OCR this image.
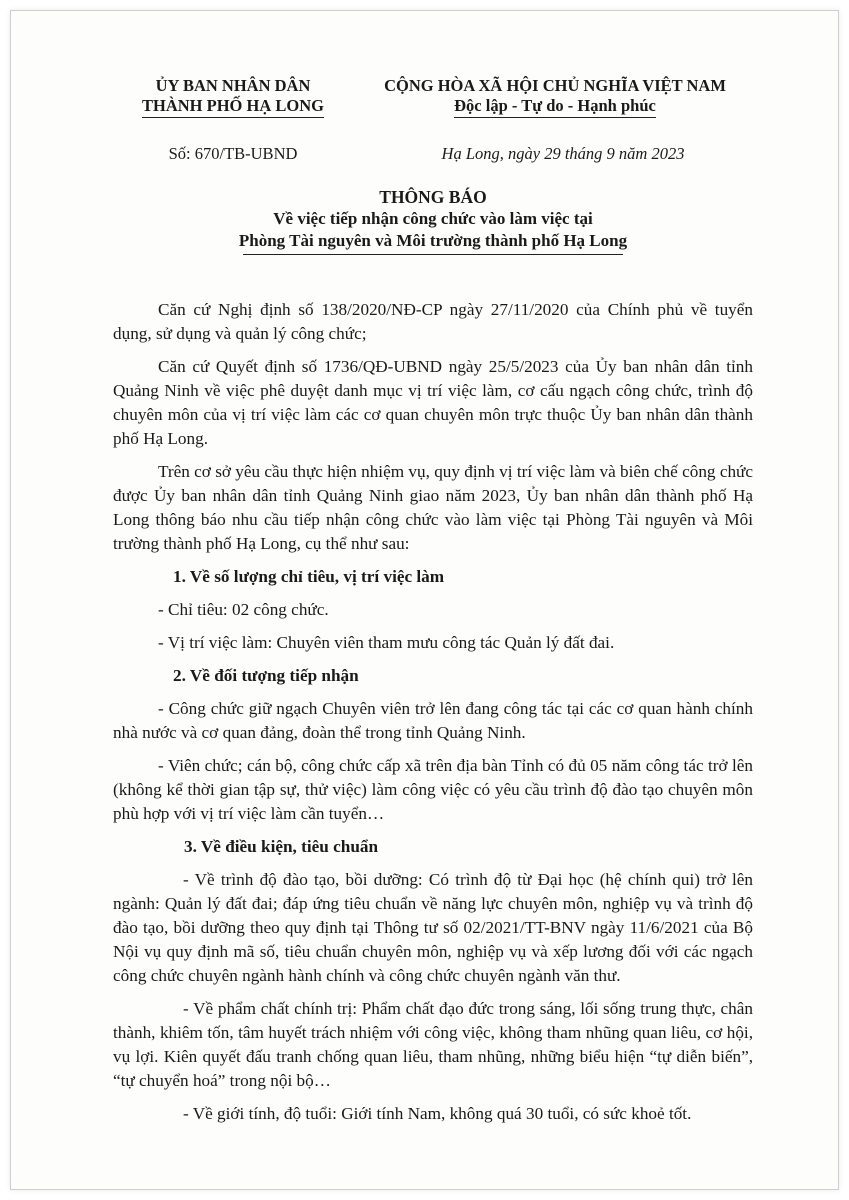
ỦY BAN NHÂN DÂN
THÀNH PHỐ HẠ LONG
CỘNG HÒA XÃ HỘI CHỦ NGHĨA VIỆT NAM
Độc lập - Tự do - Hạnh phúc
Số: 670/TB-UBND	Hạ Long, ngày 29 tháng 9 năm 2023
THÔNG BÁO
Về việc tiếp nhận công chức vào làm việc tại
Phòng Tài nguyên và Môi trường thành phố Hạ Long

Căn cứ Nghị định số 138/2020/NĐ-CP ngày 27/11/2020 của Chính phủ về tuyển dụng, sử dụng và quản lý công chức;

Căn cứ Quyết định số 1736/QĐ-UBND ngày 25/5/2023 của Ủy ban nhân dân tỉnh Quảng Ninh về việc phê duyệt danh mục vị trí việc làm, cơ cấu ngạch công chức, trình độ chuyên môn của vị trí việc làm các cơ quan chuyên môn trực thuộc Ủy ban nhân dân thành phố Hạ Long.

Trên cơ sở yêu cầu thực hiện nhiệm vụ, quy định vị trí việc làm và biên chế công chức được Ủy ban nhân dân tỉnh Quảng Ninh giao năm 2023, Ủy ban nhân dân thành phố Hạ Long thông báo nhu cầu tiếp nhận công chức vào làm việc tại Phòng Tài nguyên và Môi trường thành phố Hạ Long, cụ thể như sau:

1. Về số lượng chỉ tiêu, vị trí việc làm

- Chỉ tiêu: 02 công chức.

- Vị trí việc làm: Chuyên viên tham mưu công tác Quản lý đất đai.

2. Về đối tượng tiếp nhận

- Công chức giữ ngạch Chuyên viên trở lên đang công tác tại các cơ quan hành chính nhà nước và cơ quan đảng, đoàn thể trong tỉnh Quảng Ninh.

- Viên chức; cán bộ, công chức cấp xã trên địa bàn Tỉnh có đủ 05 năm công tác trở lên (không kể thời gian tập sự, thử việc) làm công việc có yêu cầu trình độ đào tạo chuyên môn phù hợp với vị trí việc làm cần tuyển…

3. Về điều kiện, tiêu chuẩn

- Về trình độ đào tạo, bồi dưỡng: Có trình độ từ Đại học (hệ chính qui) trở lên ngành: Quản lý đất đai; đáp ứng tiêu chuẩn về năng lực chuyên môn, nghiệp vụ và trình độ đào tạo, bồi dưỡng theo quy định tại Thông tư số 02/2021/TT-BNV ngày 11/6/2021 của Bộ Nội vụ quy định mã số, tiêu chuẩn chuyên môn, nghiệp vụ và xếp lương đối với các ngạch công chức chuyên ngành hành chính và công chức chuyên ngành văn thư.

- Về phẩm chất chính trị: Phẩm chất đạo đức trong sáng, lối sống trung thực, chân thành, khiêm tốn, tâm huyết trách nhiệm với công việc, không tham nhũng quan liêu, cơ hội, vụ lợi. Kiên quyết đấu tranh chống quan liêu, tham nhũng, những biểu hiện “tự diễn biến”, “tự chuyển hoá” trong nội bộ…

- Về giới tính, độ tuổi: Giới tính Nam, không quá 30 tuổi, có sức khoẻ tốt.
